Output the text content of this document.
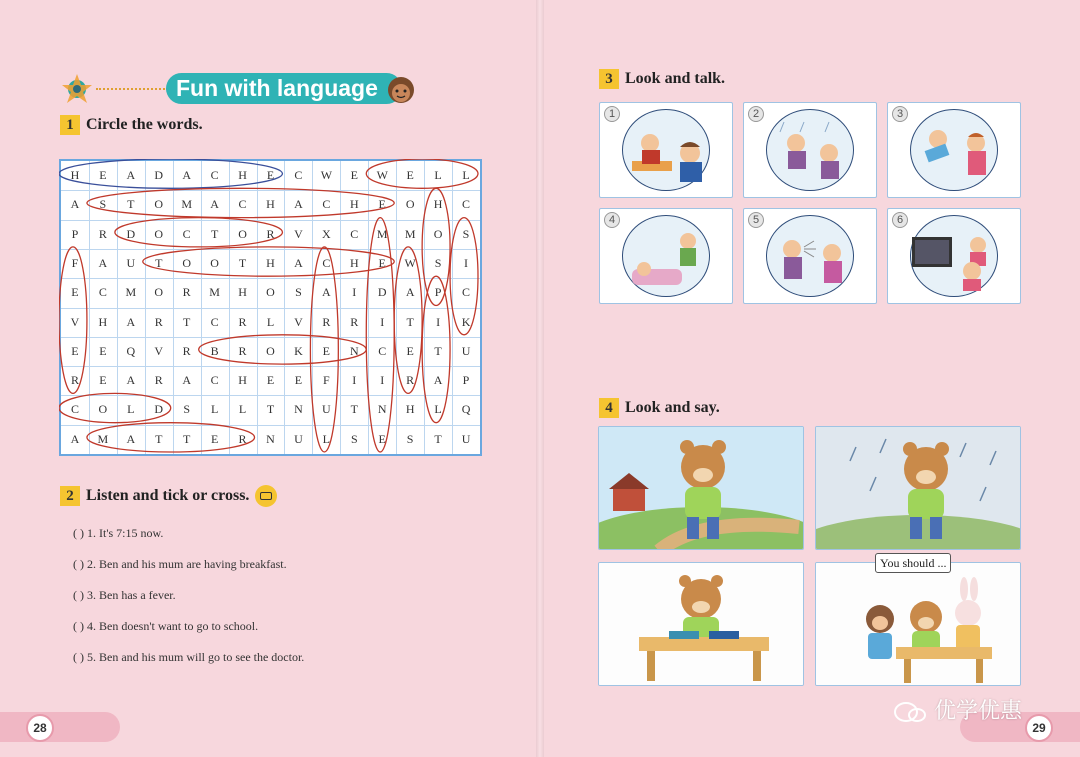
Fun with language
1 Circle the words.
H	E	A	D	A	C	H	E	C	W	E	W	E	L	L
A	S	T	O	M	A	C	H	A	C	H	E	O	H	C
P	R	D	O	C	T	O	R	V	X	C	M	M	O	S
F	A	U	T	O	O	T	H	A	C	H	E	W	S	I
E	C	M	O	R	M	H	O	S	A	I	D	A	P	C
V	H	A	R	T	C	R	L	V	R	R	I	T	I	K
E	E	Q	V	R	B	R	O	K	E	N	C	E	T	U
R	E	A	R	A	C	H	E	E	F	I	I	R	A	P
C	O	L	D	S	L	L	T	N	U	T	N	H	L	Q
A	M	A	T	T	E	R	N	U	L	S	E	S	T	U
2 Listen and tick or cross.
( ) 1. It's 7:15 now.
( ) 2. Ben and his mum are having breakfast.
( ) 3. Ben has a fever.
( ) 4. Ben doesn't want to go to school.
( ) 5. Ben and his mum will go to see the doctor.
28
3 Look and talk.
1	2	3
4	5	6
4 Look and say.
You should ...
29
优学优惠
